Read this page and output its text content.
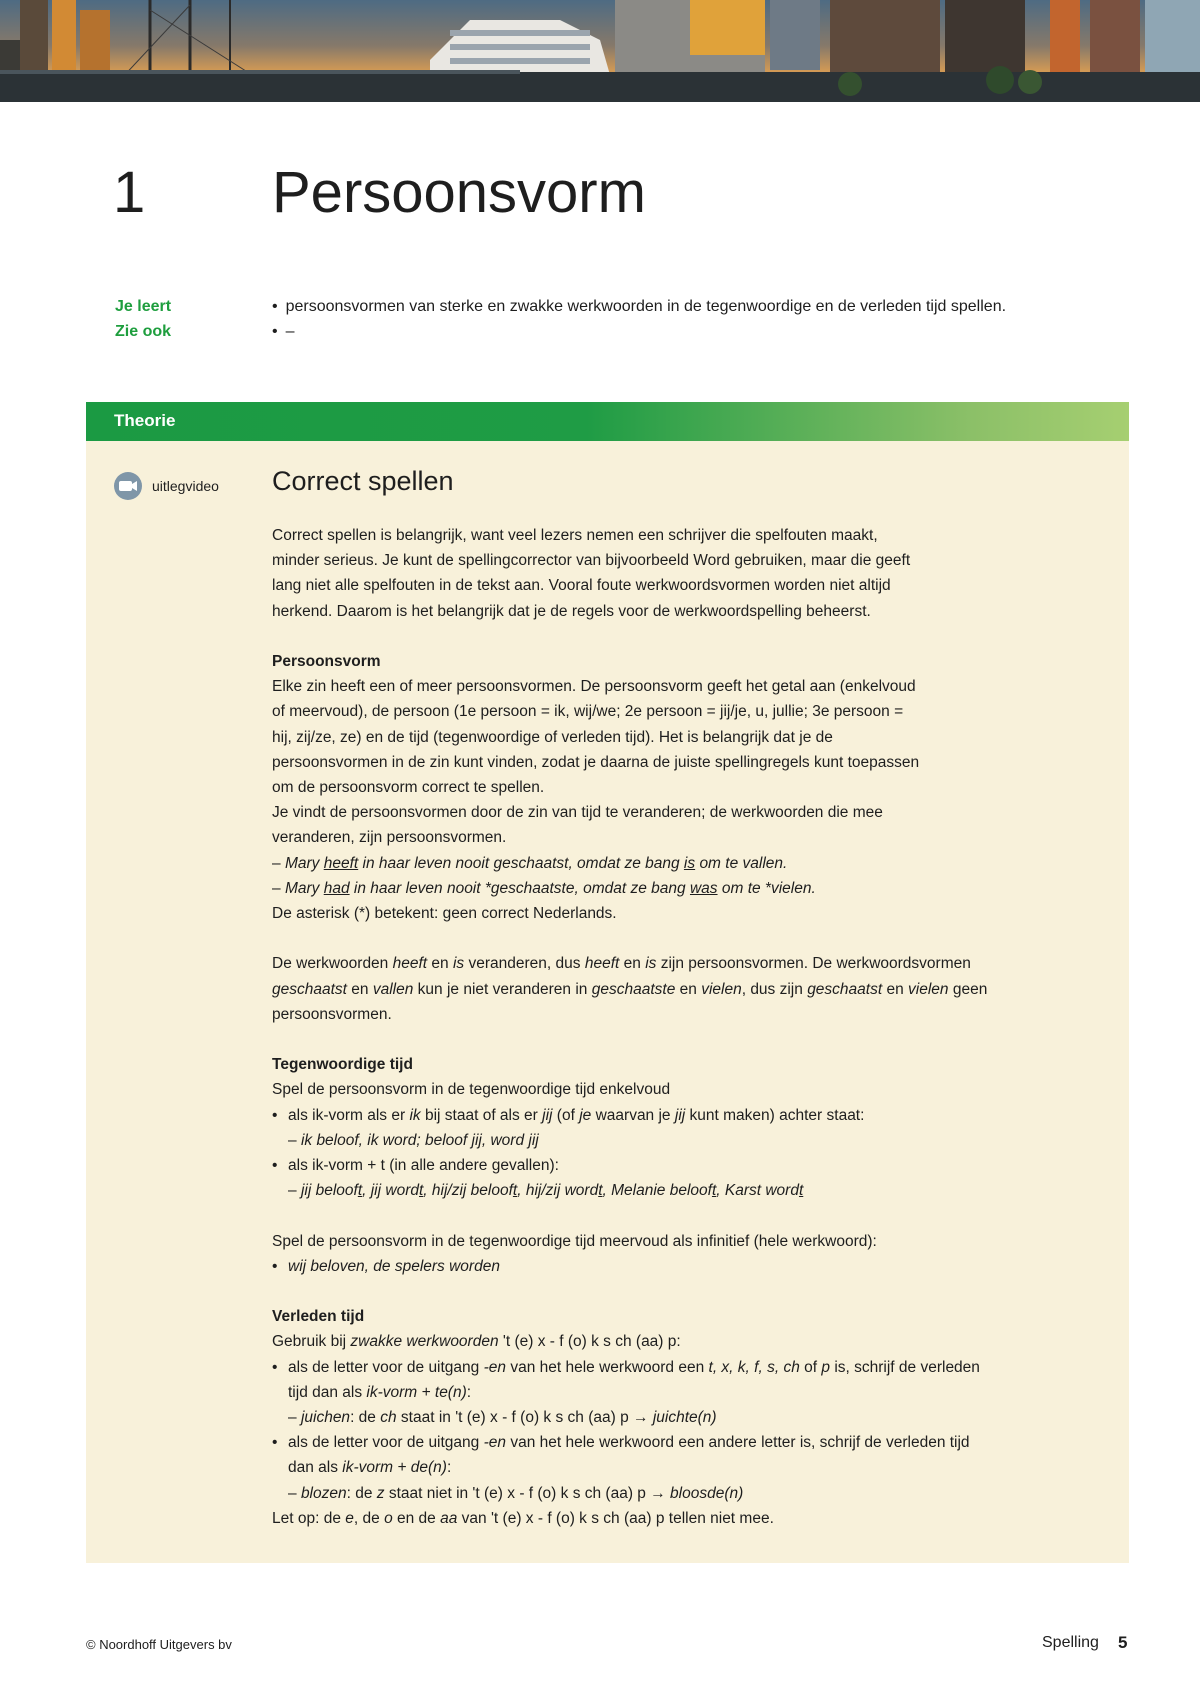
1 Persoonsvorm
Je leert	• persoonsvormen van sterke en zwakke werkwoorden in de tegenwoordige en de verleden tijd spellen.
Zie ook	• –
Theorie
uitlegvideo Correct spellen

Correct spellen is belangrijk, want veel lezers nemen een schrijver die spelfouten maakt,

minder serieus. Je kunt de spellingcorrector van bijvoorbeeld Word gebruiken, maar die geeft

lang niet alle spelfouten in de tekst aan. Vooral foute werkwoordsvormen worden niet altijd

herkend. Daarom is het belangrijk dat je de regels voor de werkwoordspelling beheerst.

Persoonsvorm

Elke zin heeft een of meer persoonsvormen. De persoonsvorm geeft het getal aan (enkelvoud

of meervoud), de persoon (1e persoon = ik, wij/we; 2e persoon = jij/je, u, jullie; 3e persoon =

hij, zij/ze, ze) en de tijd (tegenwoordige of verleden tijd). Het is belangrijk dat je de

persoonsvormen in de zin kunt vinden, zodat je daarna de juiste spellingregels kunt toepassen

om de persoonsvorm correct te spellen.

Je vindt de persoonsvormen door de zin van tijd te veranderen; de werkwoorden die mee

veranderen, zijn persoonsvormen.

– Mary heeft in haar leven nooit geschaatst, omdat ze bang is om te vallen.

– Mary had in haar leven nooit *geschaatste, omdat ze bang was om te *vielen.

De asterisk (*) betekent: geen correct Nederlands.

De werkwoorden heeft en is veranderen, dus heeft en is zijn persoonsvormen. De werkwoordsvormen geschaatst en vallen kun je niet veranderen in geschaatste en vielen, dus zijn geschaatst en vielen geen persoonsvormen.

Tegenwoordige tijd

Spel de persoonsvorm in de tegenwoordige tijd enkelvoud

• als ik-vorm als er ik bij staat of als er jij (of je waarvan je jij kunt maken) achter staat:

– ik beloof, ik word; beloof jij, word jij

• als ik-vorm + t (in alle andere gevallen):

– jij belooft, jij wordt, hij/zij belooft, hij/zij wordt, Melanie belooft, Karst wordt

Spel de persoonsvorm in de tegenwoordige tijd meervoud als infinitief (hele werkwoord):

• wij beloven, de spelers worden

Verleden tijd

Gebruik bij zwakke werkwoorden 't (e) x - f (o) k s ch (aa) p:

• als de letter voor de uitgang -en van het hele werkwoord een t, x, k, f, s, ch of p is, schrijf de verleden tijd dan als ik-vorm + te(n):

– juichen: de ch staat in 't (e) x - f (o) k s ch (aa) p → juichte(n)

• als de letter voor de uitgang -en van het hele werkwoord een andere letter is, schrijf de verleden tijd dan als ik-vorm + de(n):

– blozen: de z staat niet in 't (e) x - f (o) k s ch (aa) p → bloosde(n)

Let op: de e, de o en de aa van 't (e) x - f (o) k s ch (aa) p tellen niet mee.

© Noordhoff Uitgevers bv	Spelling 5
